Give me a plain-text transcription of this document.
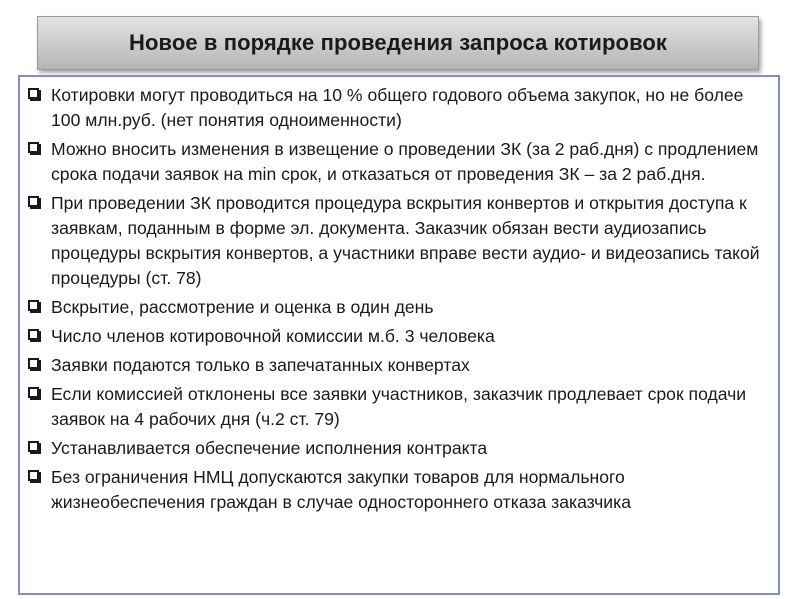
Новое в порядке проведения запроса котировок
Котировки могут проводиться на 10 % общего годового объема закупок, но не более 100 млн.руб. (нет понятия одноименности)
Можно вносить изменения в извещение о проведении ЗК (за 2 раб.дня) с продлением срока подачи заявок на min срок, и отказаться от проведения ЗК – за 2 раб.дня.
При проведении ЗК проводится процедура вскрытия конвертов и открытия доступа к заявкам, поданным в форме эл. документа. Заказчик обязан вести аудиозапись процедуры вскрытия конвертов, а участники вправе вести аудио- и видеозапись такой процедуры (ст. 78)
Вскрытие, рассмотрение и оценка в один день
Число членов котировочной комиссии м.б. 3 человека
Заявки подаются только в запечатанных конвертах
Если комиссией отклонены все заявки участников, заказчик продлевает срок подачи заявок на 4 рабочих дня (ч.2 ст. 79)
Устанавливается обеспечение исполнения контракта
Без ограничения НМЦ допускаются закупки товаров для нормального жизнеобеспечения граждан в случае одностороннего отказа заказчика
